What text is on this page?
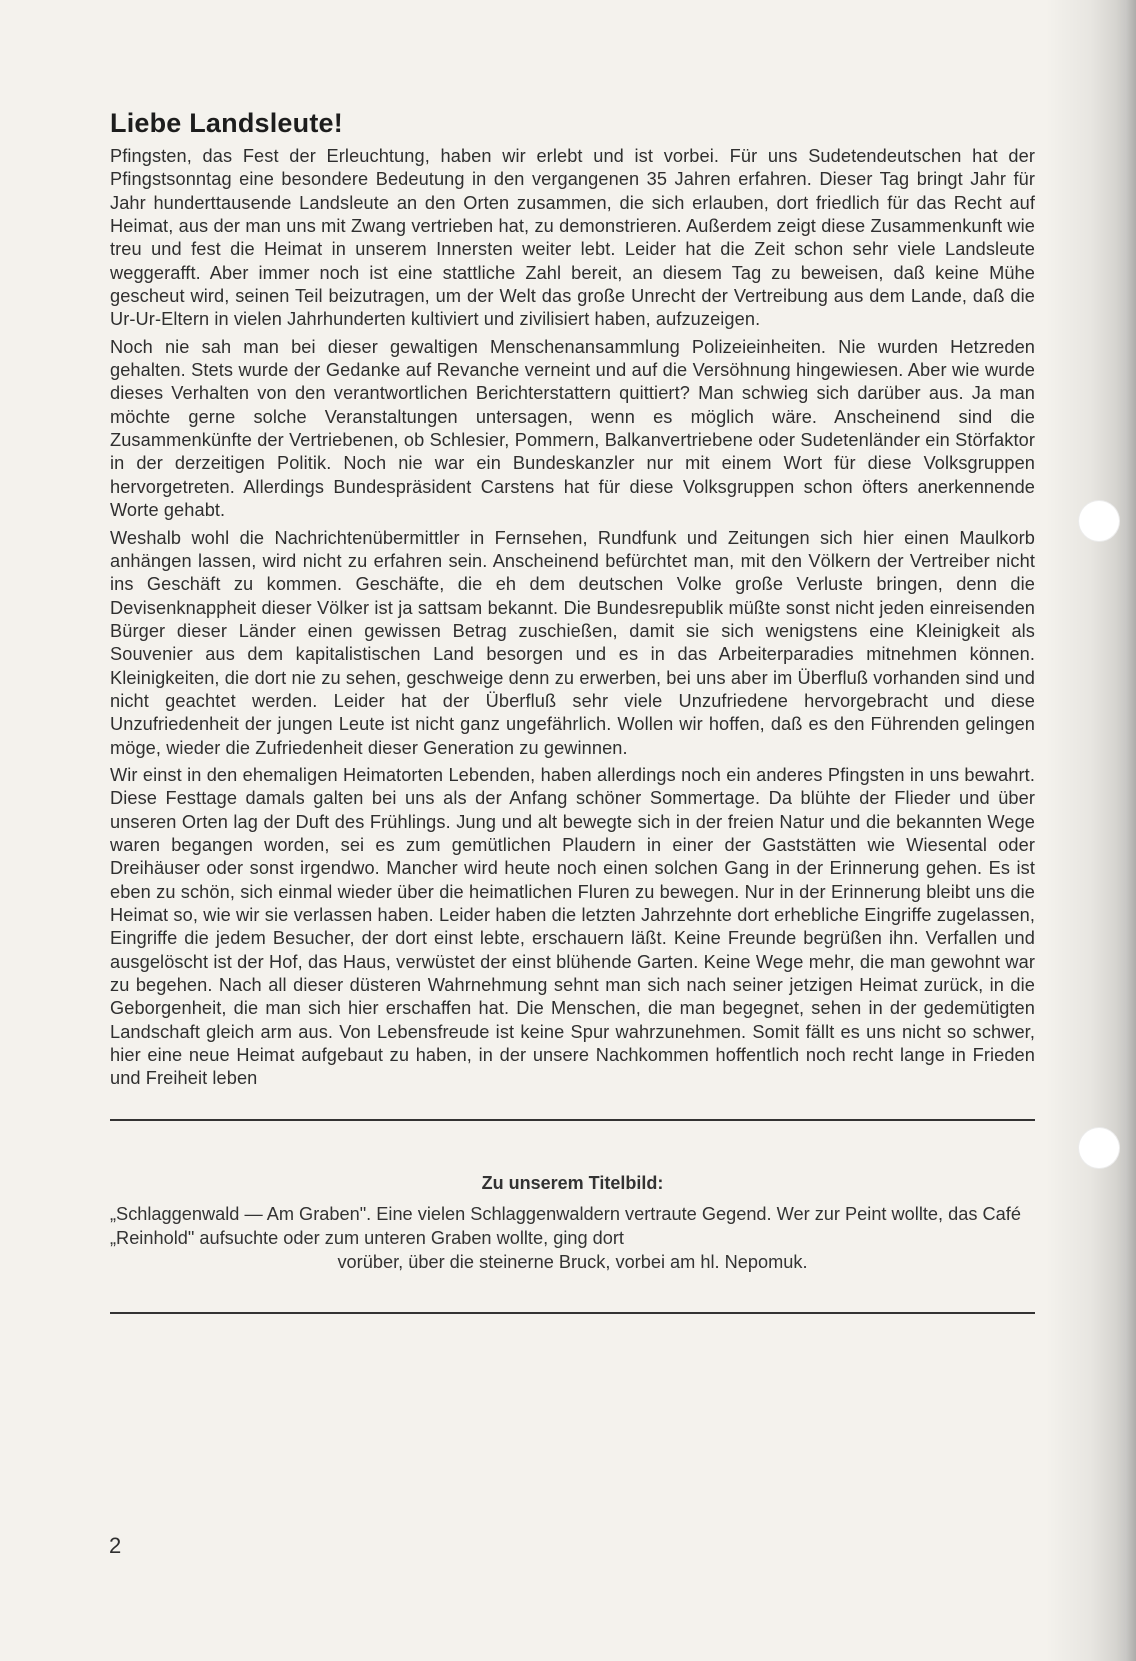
Liebe Landsleute!

Pfingsten, das Fest der Erleuchtung, haben wir erlebt und ist vorbei. Für uns Sudetendeutschen hat der Pfingstsonntag eine besondere Bedeutung in den vergangenen 35 Jahren erfahren. Dieser Tag bringt Jahr für Jahr hunderttausende Landsleute an den Orten zusammen, die sich erlauben, dort friedlich für das Recht auf Heimat, aus der man uns mit Zwang vertrieben hat, zu demonstrieren. Außerdem zeigt diese Zusammenkunft wie treu und fest die Heimat in unserem Innersten weiter lebt. Leider hat die Zeit schon sehr viele Landsleute weggerafft. Aber immer noch ist eine stattliche Zahl bereit, an diesem Tag zu beweisen, daß keine Mühe gescheut wird, seinen Teil beizutragen, um der Welt das große Unrecht der Vertreibung aus dem Lande, daß die Ur-Ur-Eltern in vielen Jahrhunderten kultiviert und zivilisiert haben, aufzuzeigen.

Noch nie sah man bei dieser gewaltigen Menschenansammlung Polizeieinheiten. Nie wurden Hetzreden gehalten. Stets wurde der Gedanke auf Revanche verneint und auf die Versöhnung hingewiesen. Aber wie wurde dieses Verhalten von den verantwortlichen Berichterstattern quittiert? Man schwieg sich darüber aus. Ja man möchte gerne solche Veranstaltungen untersagen, wenn es möglich wäre. Anscheinend sind die Zusammenkünfte der Vertriebenen, ob Schlesier, Pommern, Balkanvertriebene oder Sudetenländer ein Störfaktor in der derzeitigen Politik. Noch nie war ein Bundeskanzler nur mit einem Wort für diese Volksgruppen hervorgetreten. Allerdings Bundespräsident Carstens hat für diese Volksgruppen schon öfters anerkennende Worte gehabt.

Weshalb wohl die Nachrichtenübermittler in Fernsehen, Rundfunk und Zeitungen sich hier einen Maulkorb anhängen lassen, wird nicht zu erfahren sein. Anscheinend befürchtet man, mit den Völkern der Vertreiber nicht ins Geschäft zu kommen. Geschäfte, die eh dem deutschen Volke große Verluste bringen, denn die Devisenknappheit dieser Völker ist ja sattsam bekannt. Die Bundesrepublik müßte sonst nicht jeden einreisenden Bürger dieser Länder einen gewissen Betrag zuschießen, damit sie sich wenigstens eine Kleinigkeit als Souvenier aus dem kapitalistischen Land besorgen und es in das Arbeiterparadies mitnehmen können. Kleinigkeiten, die dort nie zu sehen, geschweige denn zu erwerben, bei uns aber im Überfluß vorhanden sind und nicht geachtet werden. Leider hat der Überfluß sehr viele Unzufriedene hervorgebracht und diese Unzufriedenheit der jungen Leute ist nicht ganz ungefährlich. Wollen wir hoffen, daß es den Führenden gelingen möge, wieder die Zufriedenheit dieser Generation zu gewinnen.

Wir einst in den ehemaligen Heimatorten Lebenden, haben allerdings noch ein anderes Pfingsten in uns bewahrt. Diese Festtage damals galten bei uns als der Anfang schöner Sommertage. Da blühte der Flieder und über unseren Orten lag der Duft des Frühlings. Jung und alt bewegte sich in der freien Natur und die bekannten Wege waren begangen worden, sei es zum gemütlichen Plaudern in einer der Gaststätten wie Wiesental oder Dreihäuser oder sonst irgendwo. Mancher wird heute noch einen solchen Gang in der Erinnerung gehen. Es ist eben zu schön, sich einmal wieder über die heimatlichen Fluren zu bewegen. Nur in der Erinnerung bleibt uns die Heimat so, wie wir sie verlassen haben. Leider haben die letzten Jahrzehnte dort erhebliche Eingriffe zugelassen, Eingriffe die jedem Besucher, der dort einst lebte, erschauern läßt. Keine Freunde begrüßen ihn. Verfallen und ausgelöscht ist der Hof, das Haus, verwüstet der einst blühende Garten. Keine Wege mehr, die man gewohnt war zu begehen. Nach all dieser düsteren Wahrnehmung sehnt man sich nach seiner jetzigen Heimat zurück, in die Geborgenheit, die man sich hier erschaffen hat. Die Menschen, die man begegnet, sehen in der gedemütigten Landschaft gleich arm aus. Von Lebensfreude ist keine Spur wahrzunehmen. Somit fällt es uns nicht so schwer, hier eine neue Heimat aufgebaut zu haben, in der unsere Nachkommen hoffentlich noch recht lange in Frieden und Freiheit leben

Zu unserem Titelbild:
„Schlaggenwald — Am Graben". Eine vielen Schlaggenwaldern vertraute Gegend. Wer zur Peint wollte, das Café „Reinhold" aufsuchte oder zum unteren Graben wollte, ging dort
vorüber, über die steinerne Bruck, vorbei am hl. Nepomuk.
2
